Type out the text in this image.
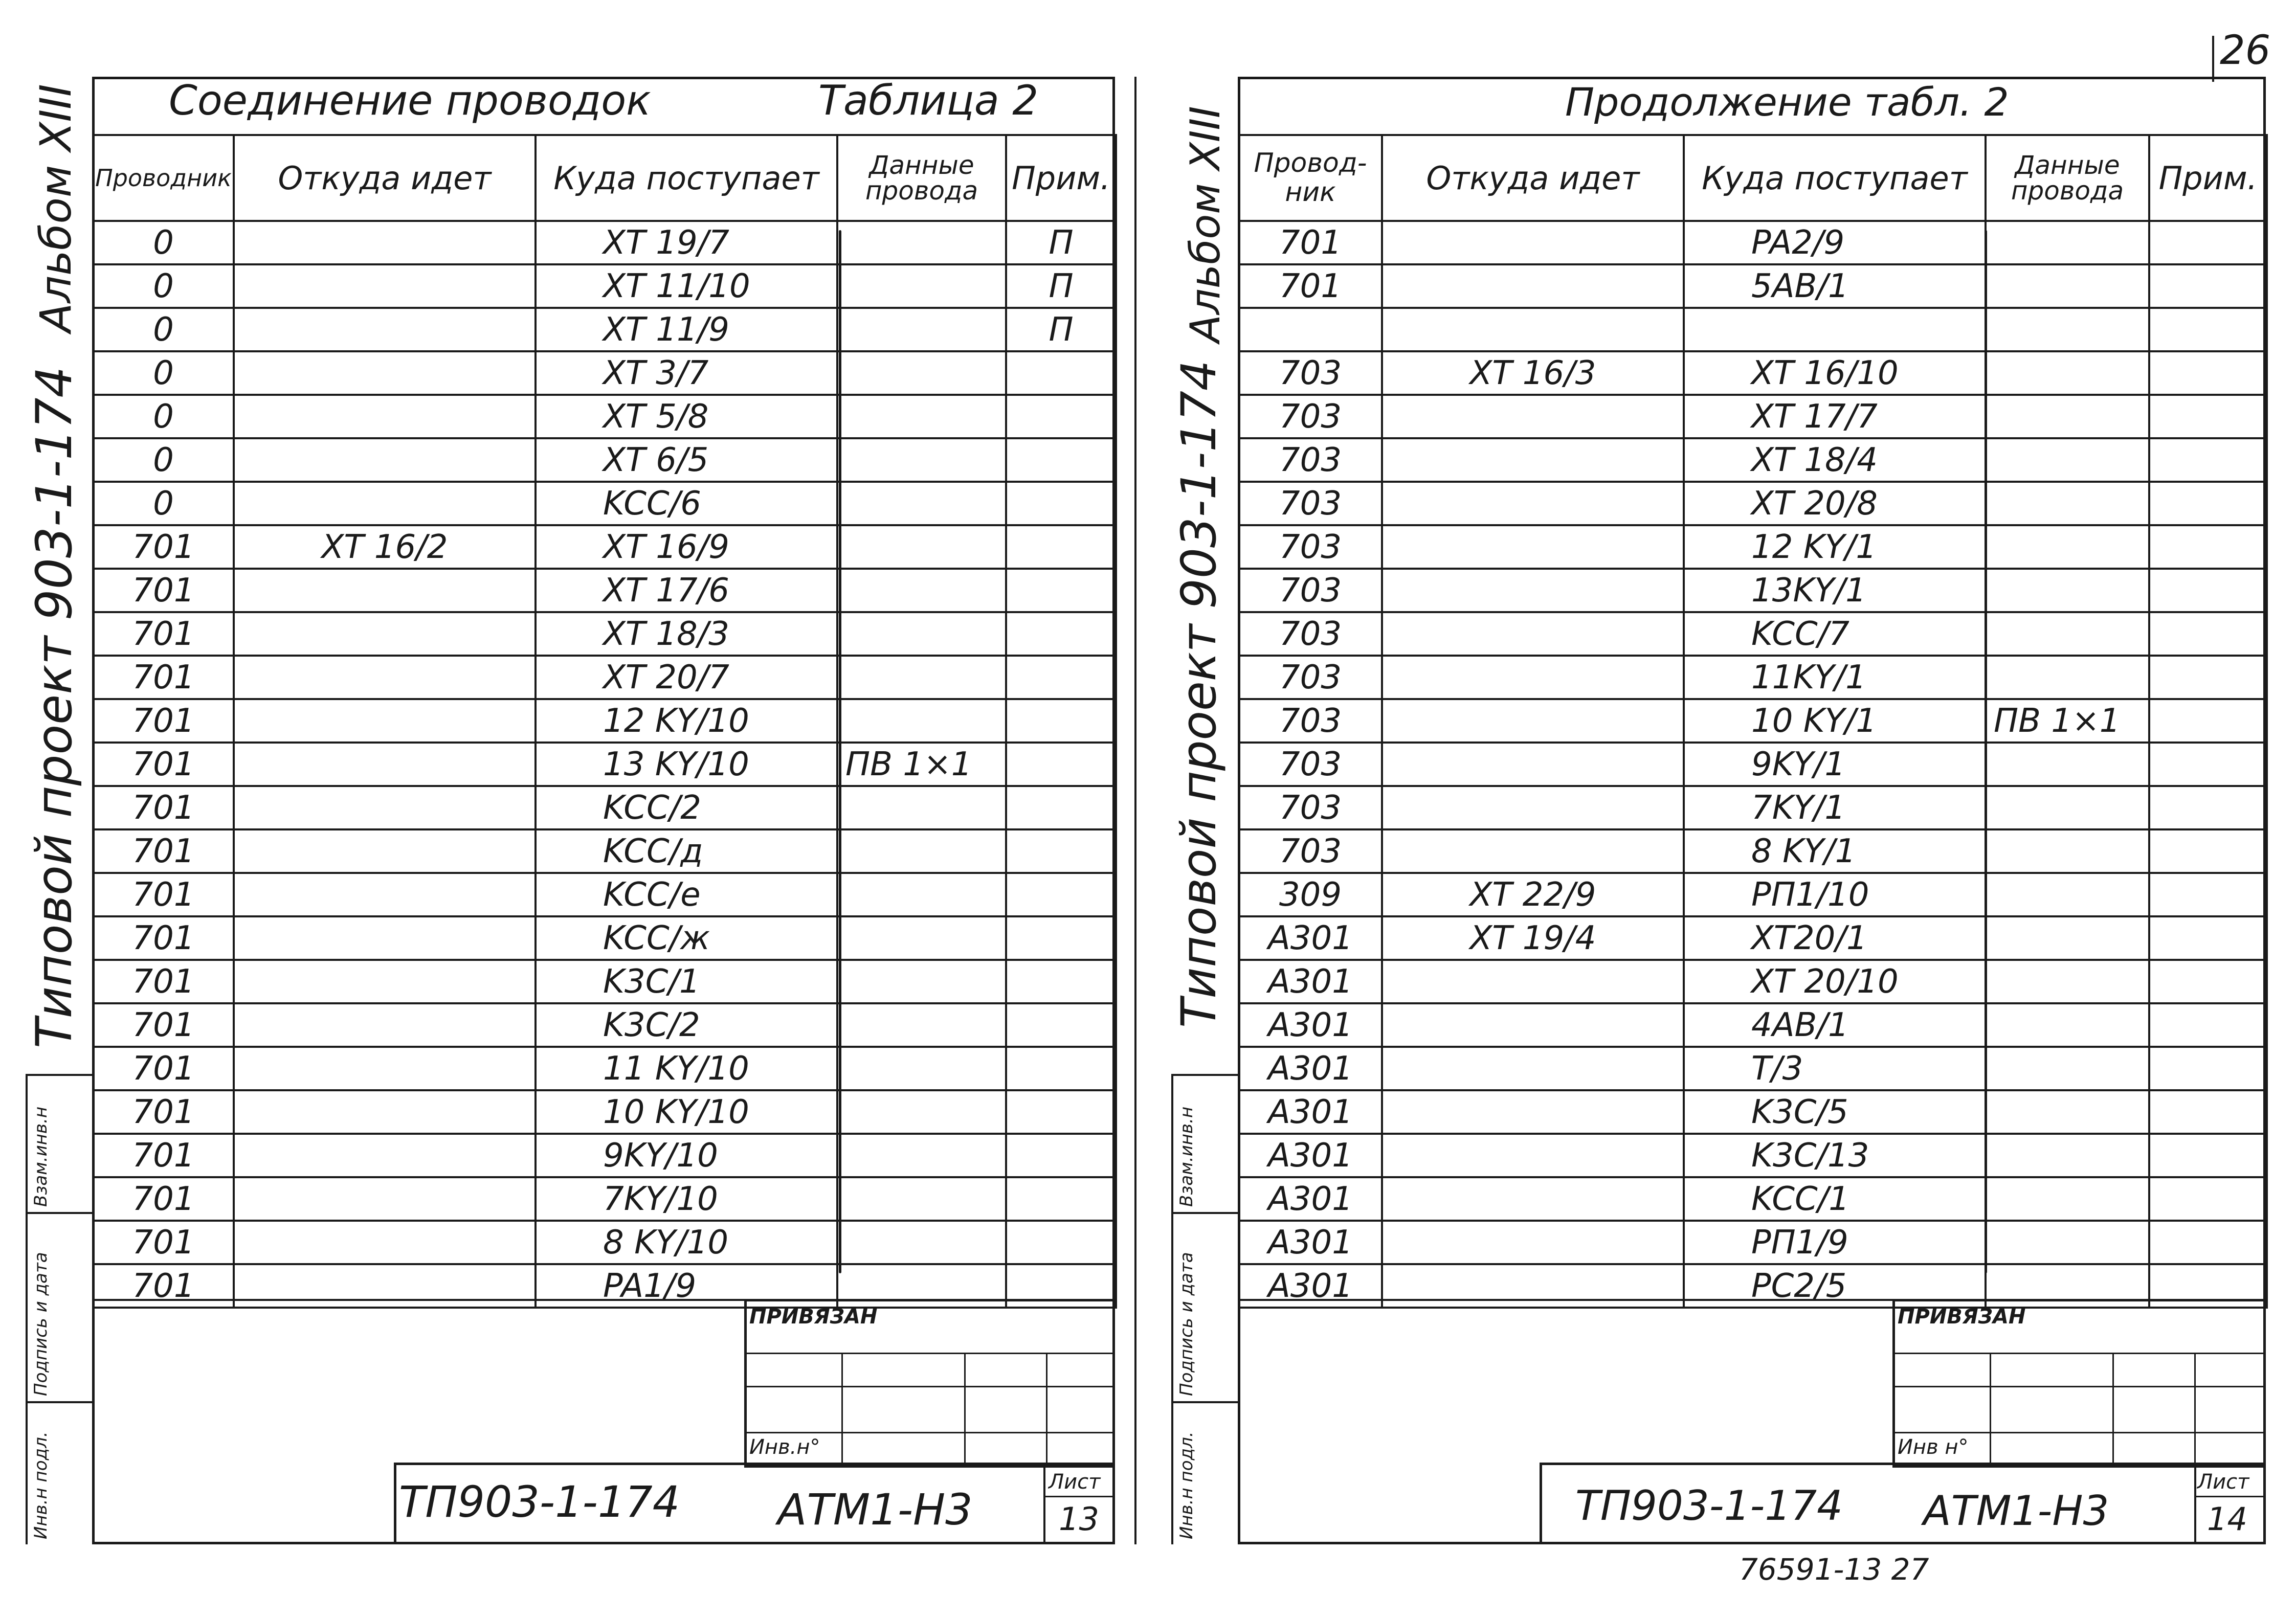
26
Соединение проводок	Таблица 2
Альбом XIII
Типовой проект 903-1-174
Взам.инв.н
Подпись и дата
Инв.н подл.
Проводник	Откуда идет	Куда поступает	Данные провода	Прим.
0		XT 19/7		П
0		XT 11/10		П
0		XT 11/9		П
0		XT 3/7		
0		XT 5/8		
0		XT 6/5		
0		KCC/6		
701	XT 16/2	XT 16/9		
701		XT 17/6		
701		XT 18/3		
701		XT 20/7		
701		12 KY/10		
701		13 KY/10	ПВ 1×1	
701		KCC/2		
701		KCC/д		
701		KCC/е		
701		KCC/ж		
701		K3C/1		
701		K3C/2		
701		11 KY/10		
701		10 KY/10		
701		9KY/10		
701		7KY/10		
701		8 KY/10		
701		PA1/9		
ПРИВЯЗАН
Инв.н°
ТП903-1-174 АТМ1-Н3
Лист
13
Продолжение табл. 2
Альбом XIII
Типовой проект 903-1-174
Взам.инв.н
Подпись и дата
Инв.н подл.
Провод-ник	Откуда идет	Куда поступает	Данные провода	Прим.
701		PA2/9		
701		5AB/1		

703	XT 16/3	XT 16/10		
703		XT 17/7		
703		XT 18/4		
703		XT 20/8		
703		12 KY/1		
703		13KY/1		
703		KCC/7		
703		11KY/1		
703		10 KY/1	ПВ 1×1	
703		9KY/1		
703		7KY/1		
703		8 KY/1		
309	XT 22/9	PП1/10		
A301	XT 19/4	XT20/1		
A301		XT 20/10		
A301		4AB/1		
A301		T/3		
A301		K3C/5		
A301		K3C/13		
A301		KCC/1		
A301		PП1/9		
A301		PC2/5		
ПРИВЯЗАН
Инв н°
ТП903-1-174 АТМ1-Н3
Лист
14
76591-13 27
